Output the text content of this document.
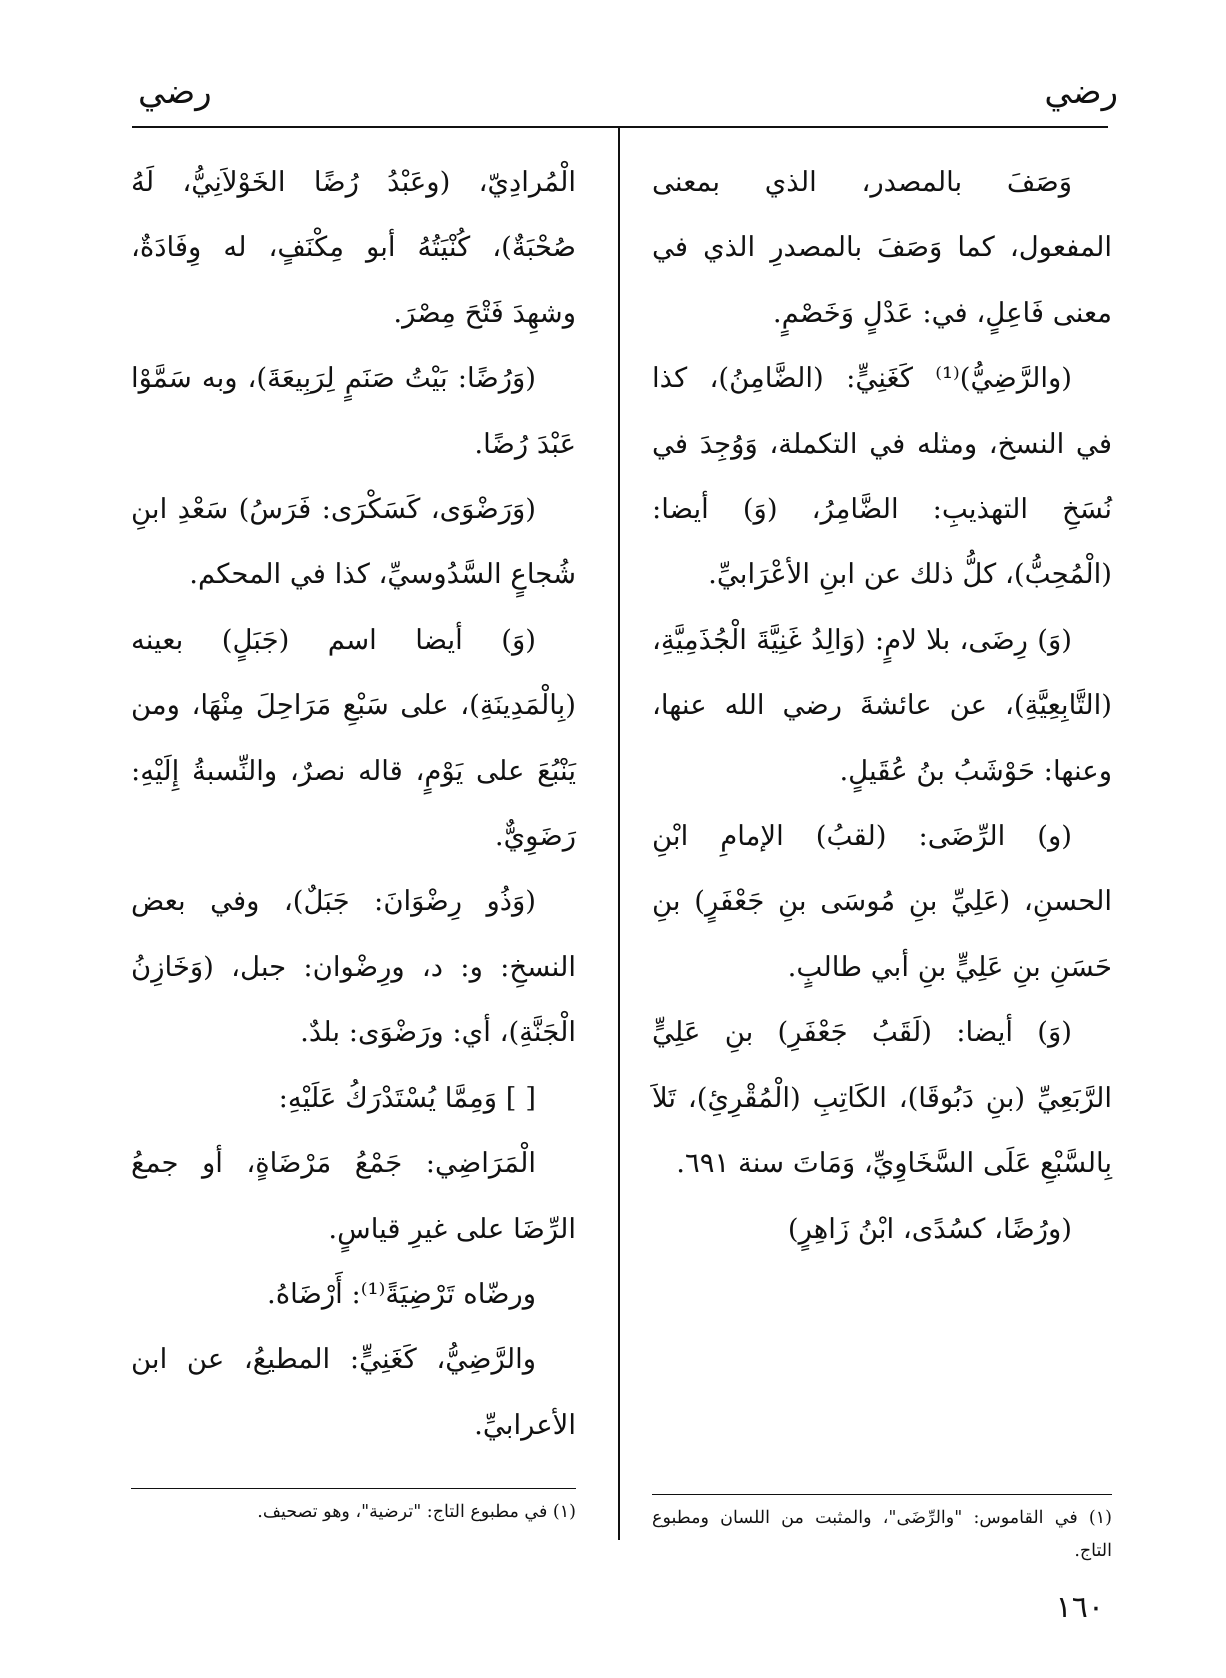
رضي
رضي

وَصَفَ بالمصدر، الذي بمعنى المفعول، كما وَصَفَ بالمصدرِ الذي في معنى فَاعِلٍ، في: عَدْلٍ وَخَصْمٍ.

(والرَّضِيُّ)⁽¹⁾ كَغَنِيٍّ: (الضَّامِنُ)، كذا في النسخ، ومثله في التكملة، وَوُجِدَ في نُسَخِ التهذيبِ: الضَّامِرُ، (وَ) أيضا: (الْمُحِبُّ)، كلُّ ذلك عن ابنِ الأعْرَابيِّ.

(وَ) رِضَى، بلا لامٍ: (وَالِدُ غَنِيَّةَ الْجُذَمِيَّةِ، (التَّابِعِيَّةِ)، عن عائشةَ رضي الله عنها، وعنها: حَوْشَبُ بنُ عُقَيلٍ.

(و) الرِّضَى: (لقبُ) الإمامِ ابْنِ الحسنِ، (عَلِيِّ بنِ مُوسَى بنِ جَعْفَرٍ) بنِ حَسَنِ بنِ عَلِيٍّ بنِ أبي طالبٍ.

(وَ) أيضا: (لَقَبُ جَعْفَرِ) بنِ عَلِيٍّ الرَّبَعِيِّ (بنِ دَبُوقَا)، الكَاتِبِ (الْمُقْرِئِ)، تَلاَ بِالسَّبْعِ عَلَى السَّخَاوِيِّ، وَمَاتَ سنة ٦٩١.

(ورُضًا، كسُدًى، ابْنُ زَاهِرٍ)

الْمُرادِيّ، (وعَبْدُ رُضًا الخَوْلاَنِيُّ، لَهُ صُحْبَةٌ)، كُنْيَتُهُ أبو مِكْنَفٍ، له وِفَادَةٌ، وشهِدَ فَتْحَ مِصْرَ.

(وَرُضًا: بَيْتُ صَنَمٍ لِرَبِيعَةَ)، وبه سَمَّوْا عَبْدَ رُضًا.

(وَرَضْوَى، كَسَكْرَى: فَرَسُ) سَعْدِ ابنِ شُجاعٍ السَّدُوسيِّ، كذا في المحكم.

(وَ) أيضا اسم (جَبَلٍ) بعينه (بِالْمَدِينَةِ)، على سَبْعِ مَرَاحِلَ مِنْهَا، ومن يَنْبُعَ على يَوْمٍ، قاله نصرٌ، والنِّسبةُ إِلَيْهِ: رَضَوِيٌّ.

(وَذُو رِضْوَانَ: جَبَلٌ)، وفي بعض النسخِ: و: د، ورِضْوان: جبل، (وَخَازِنُ الْجَنَّةِ)، أي: ورَضْوَى: بلدٌ.

[ ] وَمِمَّا يُسْتَدْرَكُ عَلَيْهِ:

الْمَرَاضِي: جَمْعُ مَرْضَاةٍ، أو جمعُ الرِّضَا على غيرِ قياسٍ.

ورضّاه تَرْضِيَةً⁽¹⁾: أَرْضَاهُ.

والرَّضِيُّ، كَغَنِيٍّ: المطيعُ، عن ابن الأعرابيِّ.

(١) في القاموس: "والرِّضَى"، والمثبت من اللسان ومطبوع التاج.
(١) في مطبوع التاج: "ترضية"، وهو تصحيف.
١٦٠
